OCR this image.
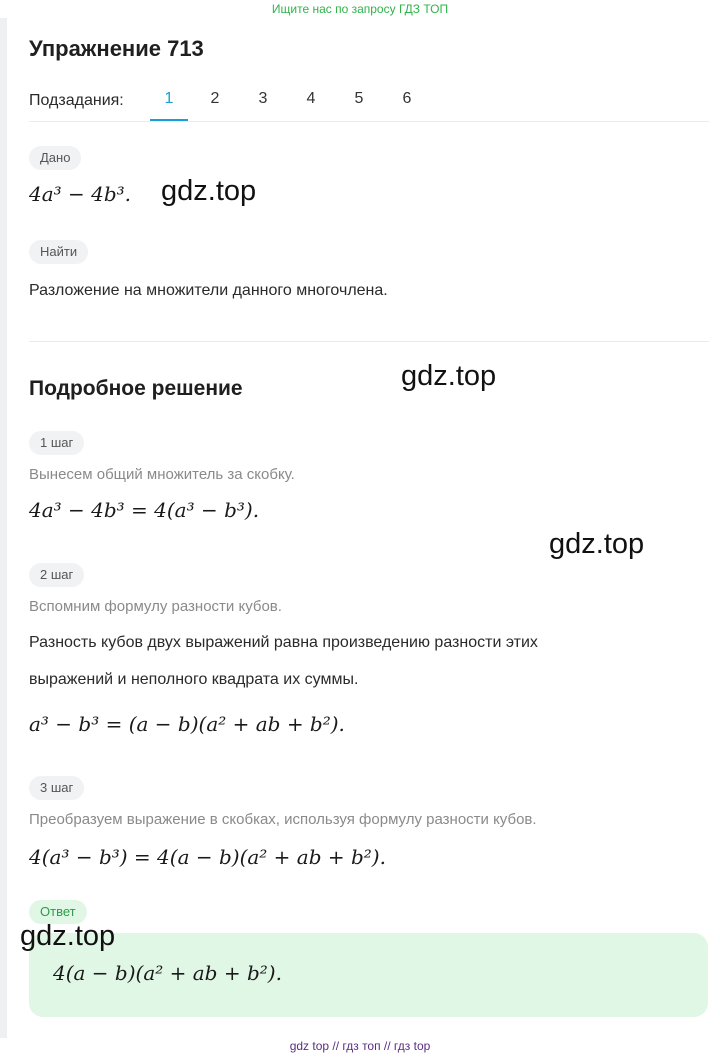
Ищите нас по запросу ГДЗ ТОП
Упражнение 713
Подзадания:	1	2	3	4	5	6
Дано
4a³ − 4b³.
Найти
Разложение на множители данного многочлена.
Подробное решение
1 шаг
Вынесем общий множитель за скобку.
4a³ − 4b³ = 4(a³ − b³).
2 шаг
Вспомним формулу разности кубов.
Разность кубов двух выражений равна произведению разности этих
выражений и неполного квадрата их суммы.
a³ − b³ = (a − b)(a² + ab + b²).
3 шаг
Преобразуем выражение в скобках, используя формулу разности кубов.
4(a³ − b³) = 4(a − b)(a² + ab + b²).
Ответ
4(a − b)(a² + ab + b²).
gdz.top
gdz.top
gdz.top
gdz.top
gdz top // гдз топ // гдз top
